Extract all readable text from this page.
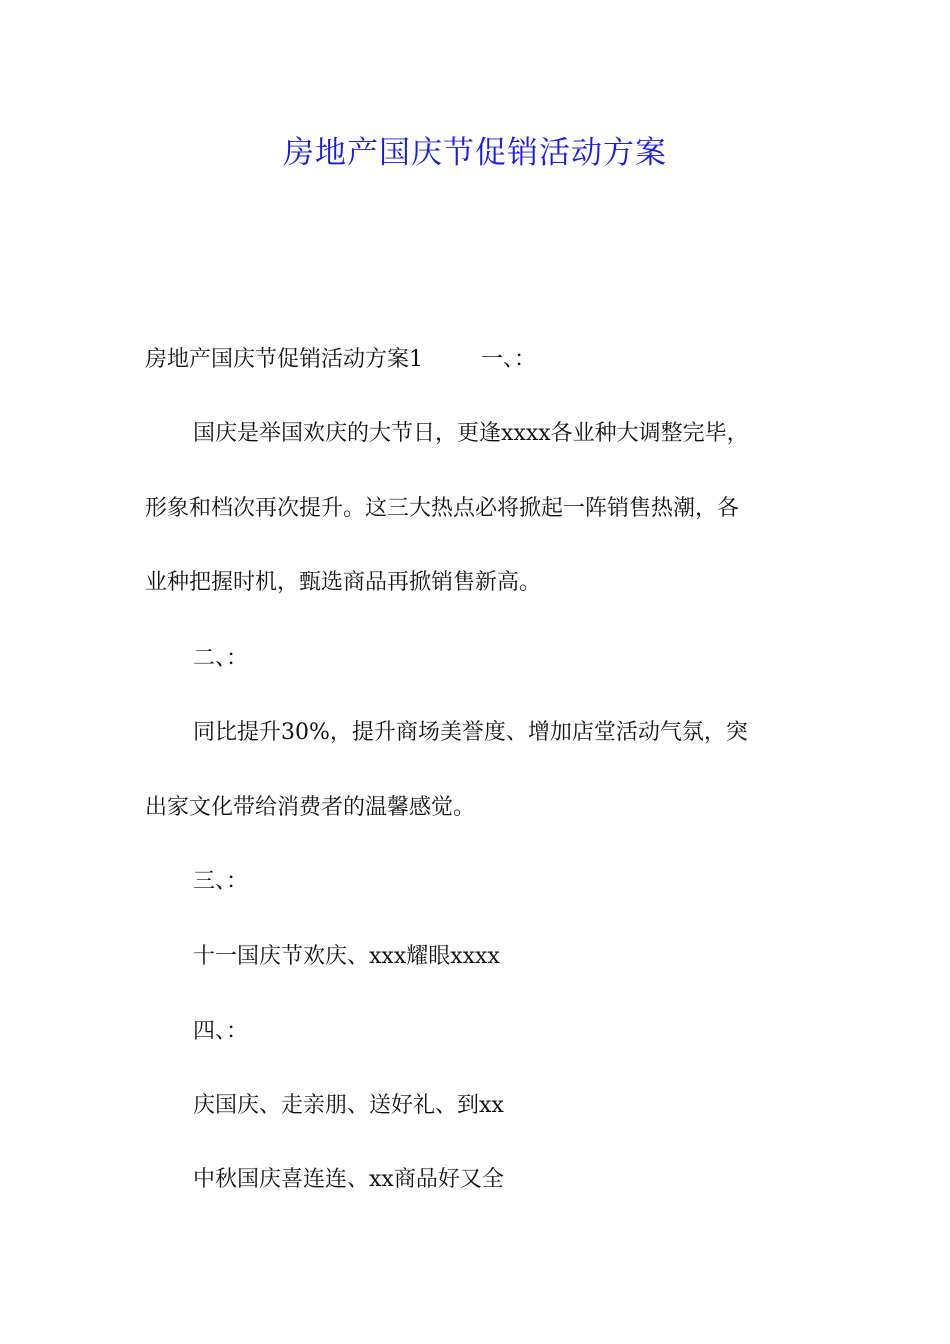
房地产国庆节促销活动方案
房地产国庆节促销活动方案1	一、：
国庆是举国欢庆的大节日，更逢xxxx各业种大调整完毕，
形象和档次再次提升。这三大热点必将掀起一阵销售热潮，各
业种把握时机，甄选商品再掀销售新高。
二、：
同比提升30%，提升商场美誉度、增加店堂活动气氛，突
出家文化带给消费者的温馨感觉。
三、：
十一国庆节欢庆、xxx耀眼xxxx
四、：
庆国庆、走亲朋、送好礼、到xx
中秋国庆喜连连、xx商品好又全
